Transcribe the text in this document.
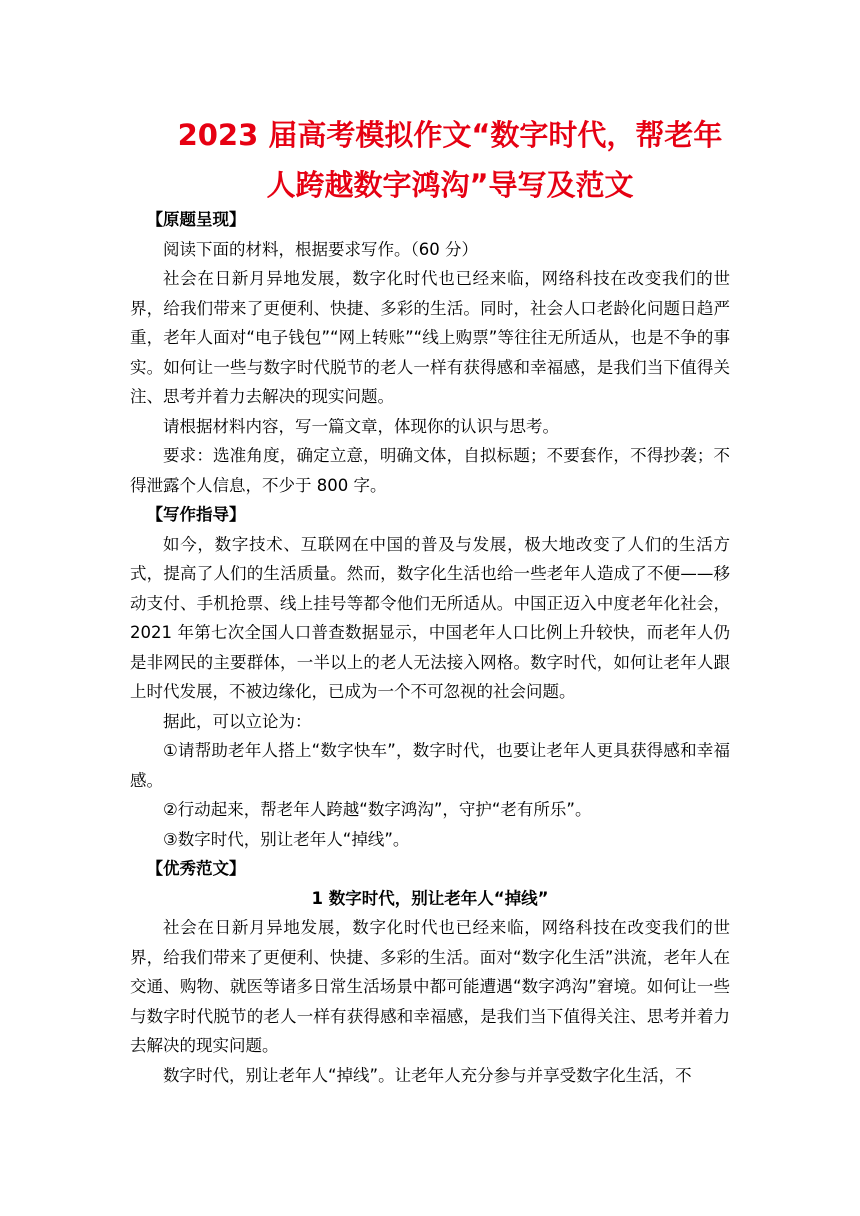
2023 届高考模拟作文“数字时代，帮老年
人跨越数字鸿沟”导写及范文

【原题呈现】

阅读下面的材料，根据要求写作。（60 分）

社会在日新月异地发展，数字化时代也已经来临，网络科技在改变我们的世界，给我们带来了更便利、快捷、多彩的生活。同时，社会人口老龄化问题日趋严重，老年人面对“电子钱包”“网上转账”“线上购票”等往往无所适从，也是不争的事实。如何让一些与数字时代脱节的老人一样有获得感和幸福感，是我们当下值得关注、思考并着力去解决的现实问题。

请根据材料内容，写一篇文章，体现你的认识与思考。

要求：选准角度，确定立意，明确文体，自拟标题；不要套作，不得抄袭；不得泄露个人信息，不少于 800 字。

【写作指导】

如今，数字技术、互联网在中国的普及与发展，极大地改变了人们的生活方式，提高了人们的生活质量。然而，数字化生活也给一些老年人造成了不便——移动支付、手机抢票、线上挂号等都令他们无所适从。中国正迈入中度老年化社会，2021 年第七次全国人口普查数据显示，中国老年人口比例上升较快，而老年人仍是非网民的主要群体，一半以上的老人无法接入网格。数字时代，如何让老年人跟上时代发展，不被边缘化，已成为一个不可忽视的社会问题。

据此，可以立论为：

①请帮助老年人搭上“数字快车”，数字时代，也要让老年人更具获得感和幸福感。

②行动起来，帮老年人跨越“数字鸿沟”，守护“老有所乐”。

③数字时代，别让老年人“掉线”。

【优秀范文】

1 数字时代，别让老年人“掉线”

社会在日新月异地发展，数字化时代也已经来临，网络科技在改变我们的世界，给我们带来了更便利、快捷、多彩的生活。面对“数字化生活”洪流，老年人在交通、购物、就医等诸多日常生活场景中都可能遭遇“数字鸿沟”窘境。如何让一些与数字时代脱节的老人一样有获得感和幸福感，是我们当下值得关注、思考并着力去解决的现实问题。

数字时代，别让老年人“掉线”。让老年人充分参与并享受数字化生活，不
